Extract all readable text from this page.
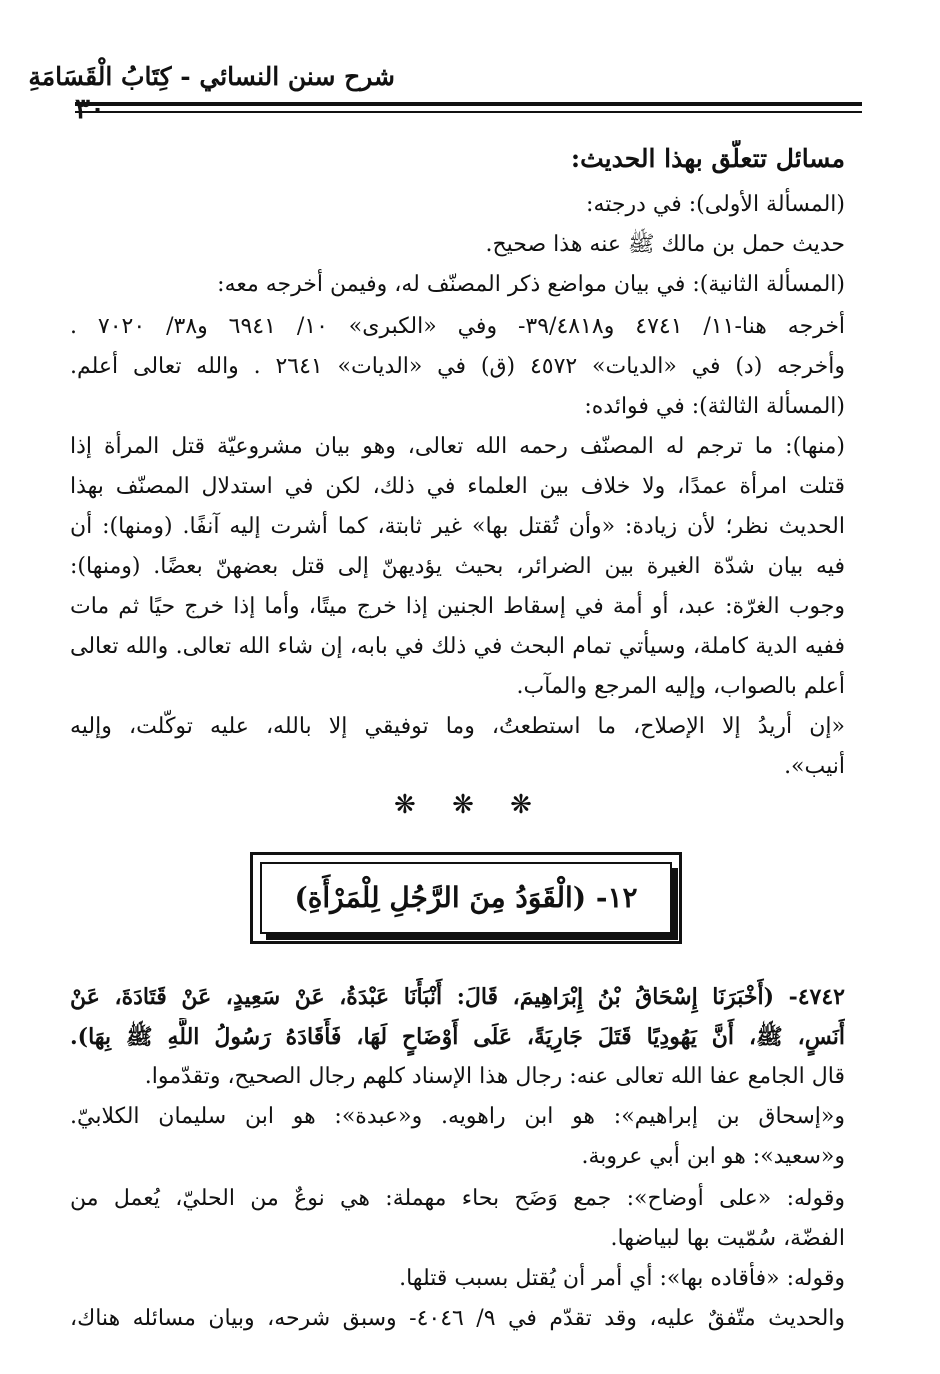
شرح سنن النسائي - كِتَابُ الْقَسَامَةِ
٣٠
مسائل تتعلّق بهذا الحديث:
(المسألة الأولى): في درجته:
حديث حمل بن مالك ﷺ عنه هذا صحيح.
(المسألة الثانية): في بيان مواضع ذكر المصنّف له، وفيمن أخرجه معه:
أخرجه هنا-١١/ ٤٧٤١ و٣٩/٤٨١٨- وفي «الكبرى» ١٠/ ٦٩٤١ و٣٨/ ٧٠٢٠ .
وأخرجه (د) في «الديات» ٤٥٧٢ (ق) في «الديات» ٢٦٤١ . والله تعالى أعلم.
(المسألة الثالثة): في فوائده:
(منها): ما ترجم له المصنّف رحمه الله تعالى، وهو بيان مشروعيّة قتل المرأة إذا
قتلت امرأة عمدًا، ولا خلاف بين العلماء في ذلك، لكن في استدلال المصنّف بهذا
الحديث نظر؛ لأن زيادة: «وأن تُقتل بها» غير ثابتة، كما أشرت إليه آنفًا. (ومنها): أن
فيه بيان شدّة الغيرة بين الضرائر، بحيث يؤديهنّ إلى قتل بعضهنّ بعضًا. (ومنها):
وجوب الغرّة: عبد، أو أمة في إسقاط الجنين إذا خرج ميتًا، وأما إذا خرج حيًا ثم مات
ففيه الدية كاملة، وسيأتي تمام البحث في ذلك في بابه، إن شاء الله تعالى. والله تعالى
أعلم بالصواب، وإليه المرجع والمآب.
«إن أريدُ إلا الإصلاح، ما استطعتُ، وما توفيقي إلا بالله، عليه توكّلت، وإليه
أنيب».
❋ ❋ ❋
١٢- (الْقَوَدُ مِنَ الرَّجُلِ لِلْمَرْأَةِ)
٤٧٤٢- (أَخْبَرَنَا إِسْحَاقُ بْنُ إِبْرَاهِيمَ، قَالَ: أَنْبَأَنَا عَبْدَةُ، عَنْ سَعِيدٍ، عَنْ قَتَادَةَ، عَنْ
أَنَسٍ، ﷺ، أَنَّ يَهُودِيًا قَتَلَ جَارِيَةً، عَلَى أَوْضَاحٍ لَهَا، فَأَقَادَهُ رَسُولُ اللَّهِ ﷺ بِهَا).
قال الجامع عفا الله تعالى عنه: رجال هذا الإسناد كلهم رجال الصحيح، وتقدّموا.
و«إسحاق بن إبراهيم»: هو ابن راهويه. و«عبدة»: هو ابن سليمان الكلابيّ.
و«سعيد»: هو ابن أبي عروبة.
وقوله: «على أوضاح»: جمع وَضَح بحاء مهملة: هي نوعٌ من الحليّ، يُعمل من
الفضّة، سُمّيت بها لبياضها.
وقوله: «فأقاده بها»: أي أمر أن يُقتل بسبب قتلها.
والحديث متّفقٌ عليه، وقد تقدّم في ٩/ ٤٠٤٦- وسبق شرحه، وبيان مسائله هناك،
